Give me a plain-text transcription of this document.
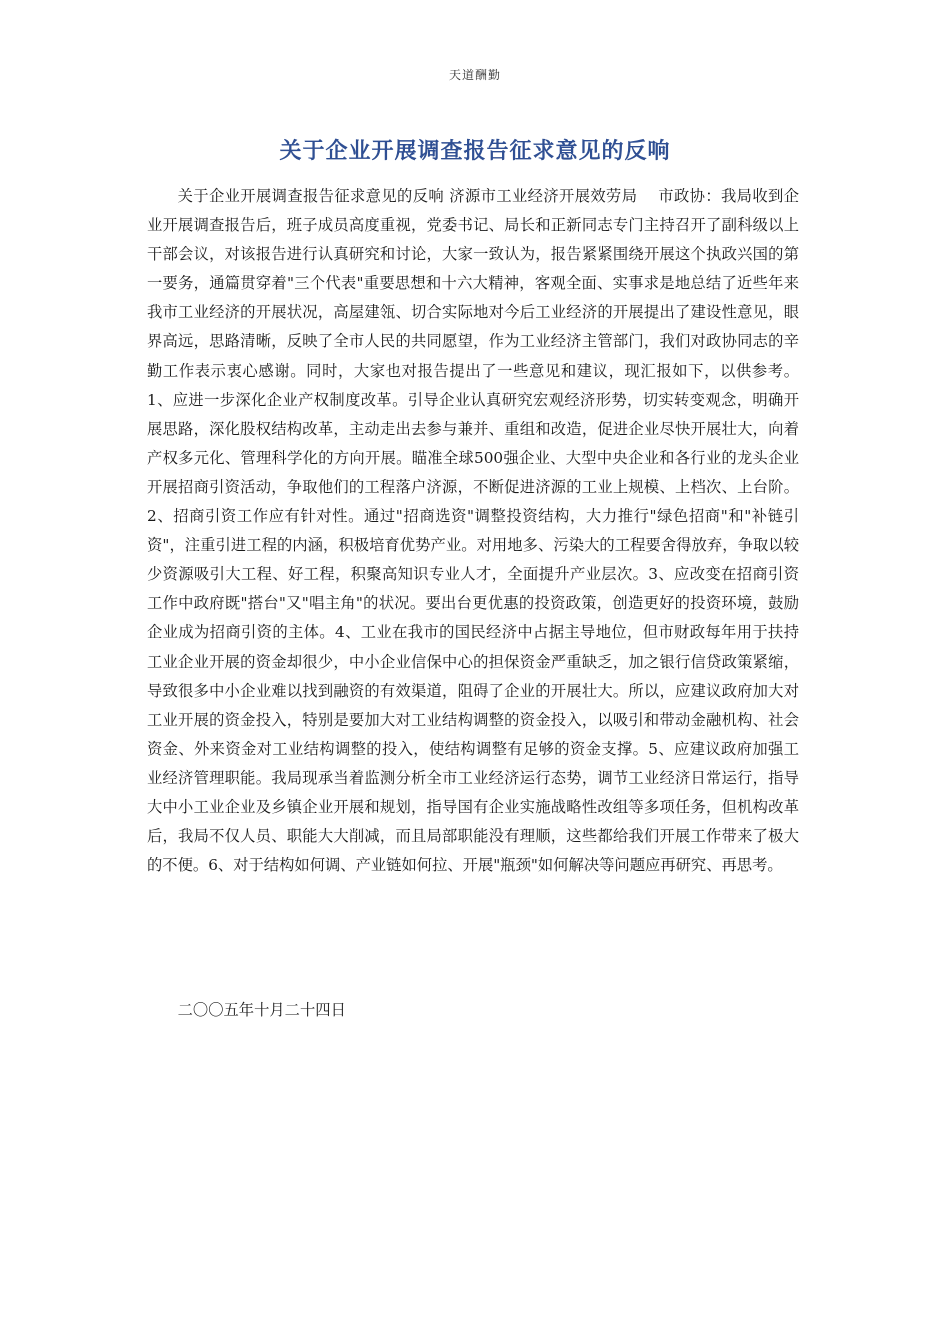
天道酬勤
关于企业开展调查报告征求意见的反响

关于企业开展调查报告征求意见的反响 济源市工业经济开展效劳局　 市政协：我局收到企业开展调查报告后，班子成员高度重视，党委书记、局长和正新同志专门主持召开了副科级以上干部会议，对该报告进行认真研究和讨论，大家一致认为，报告紧紧围绕开展这个执政兴国的第一要务，通篇贯穿着"三个代表"重要思想和十六大精神，客观全面、实事求是地总结了近些年来我市工业经济的开展状况，高屋建瓴、切合实际地对今后工业经济的开展提出了建设性意见，眼界高远，思路清晰，反映了全市人民的共同愿望，作为工业经济主管部门，我们对政协同志的辛勤工作表示衷心感谢。同时，大家也对报告提出了一些意见和建议，现汇报如下，以供参考。1、应进一步深化企业产权制度改革。引导企业认真研究宏观经济形势，切实转变观念，明确开展思路，深化股权结构改革，主动走出去参与兼并、重组和改造，促进企业尽快开展壮大，向着产权多元化、管理科学化的方向开展。瞄准全球500强企业、大型中央企业和各行业的龙头企业开展招商引资活动，争取他们的工程落户济源，不断促进济源的工业上规模、上档次、上台阶。2、招商引资工作应有针对性。通过"招商选资"调整投资结构，大力推行"绿色招商"和"补链引资"，注重引进工程的内涵，积极培育优势产业。对用地多、污染大的工程要舍得放弃，争取以较少资源吸引大工程、好工程，积聚高知识专业人才，全面提升产业层次。3、应改变在招商引资工作中政府既"搭台"又"唱主角"的状况。要出台更优惠的投资政策，创造更好的投资环境，鼓励企业成为招商引资的主体。4、工业在我市的国民经济中占据主导地位，但市财政每年用于扶持工业企业开展的资金却很少，中小企业信保中心的担保资金严重缺乏，加之银行信贷政策紧缩，导致很多中小企业难以找到融资的有效渠道，阻碍了企业的开展壮大。所以，应建议政府加大对工业开展的资金投入，特别是要加大对工业结构调整的资金投入，以吸引和带动金融机构、社会资金、外来资金对工业结构调整的投入，使结构调整有足够的资金支撑。5、应建议政府加强工业经济管理职能。我局现承当着监测分析全市工业经济运行态势，调节工业经济日常运行，指导大中小工业企业及乡镇企业开展和规划，指导国有企业实施战略性改组等多项任务，但机构改革后，我局不仅人员、职能大大削减，而且局部职能没有理顺，这些都给我们开展工作带来了极大的不便。6、对于结构如何调、产业链如何拉、开展"瓶颈"如何解决等问题应再研究、再思考。

二〇〇五年十月二十四日
